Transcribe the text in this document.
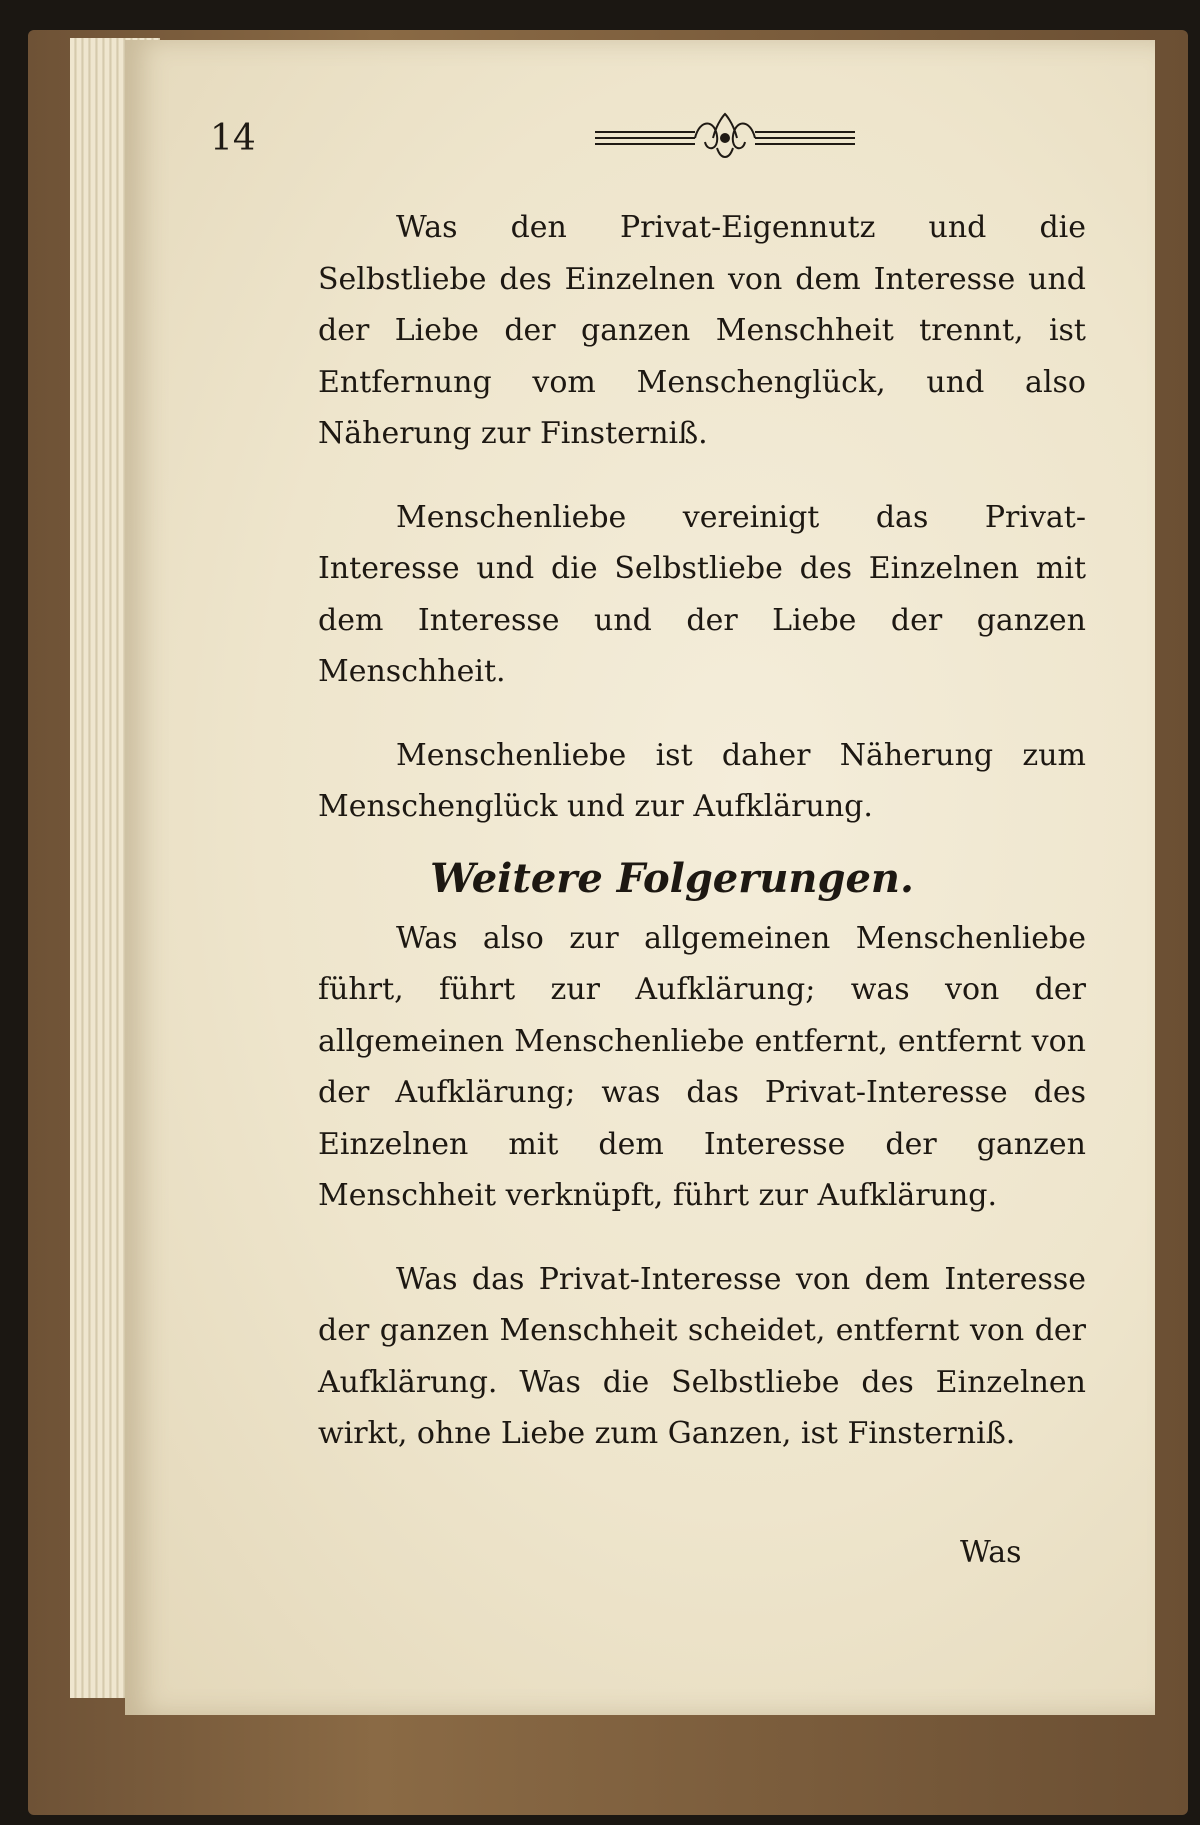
14

Was den Privat-Eigennutz und die Selbstliebe des Einzelnen von dem Interesse und der Liebe der ganzen Menschheit trennt, ist Entfernung vom Menschenglück, und also Näherung zur Finsterniß.

Menschenliebe vereinigt das Privat-Interesse und die Selbstliebe des Einzelnen mit dem Interesse und der Liebe der ganzen Menschheit.

Menschenliebe ist daher Näherung zum Menschenglück und zur Aufklärung.

Weitere Folgerungen.

Was also zur allgemeinen Menschenliebe führt, führt zur Aufklärung; was von der allgemeinen Menschenliebe entfernt, entfernt von der Aufklärung; was das Privat-Interesse des Einzelnen mit dem Interesse der ganzen Menschheit verknüpft, führt zur Aufklärung.

Was das Privat-Interesse von dem Interesse der ganzen Menschheit scheidet, entfernt von der Aufklärung. Was die Selbstliebe des Einzelnen wirkt, ohne Liebe zum Ganzen, ist Finsterniß.

Was
